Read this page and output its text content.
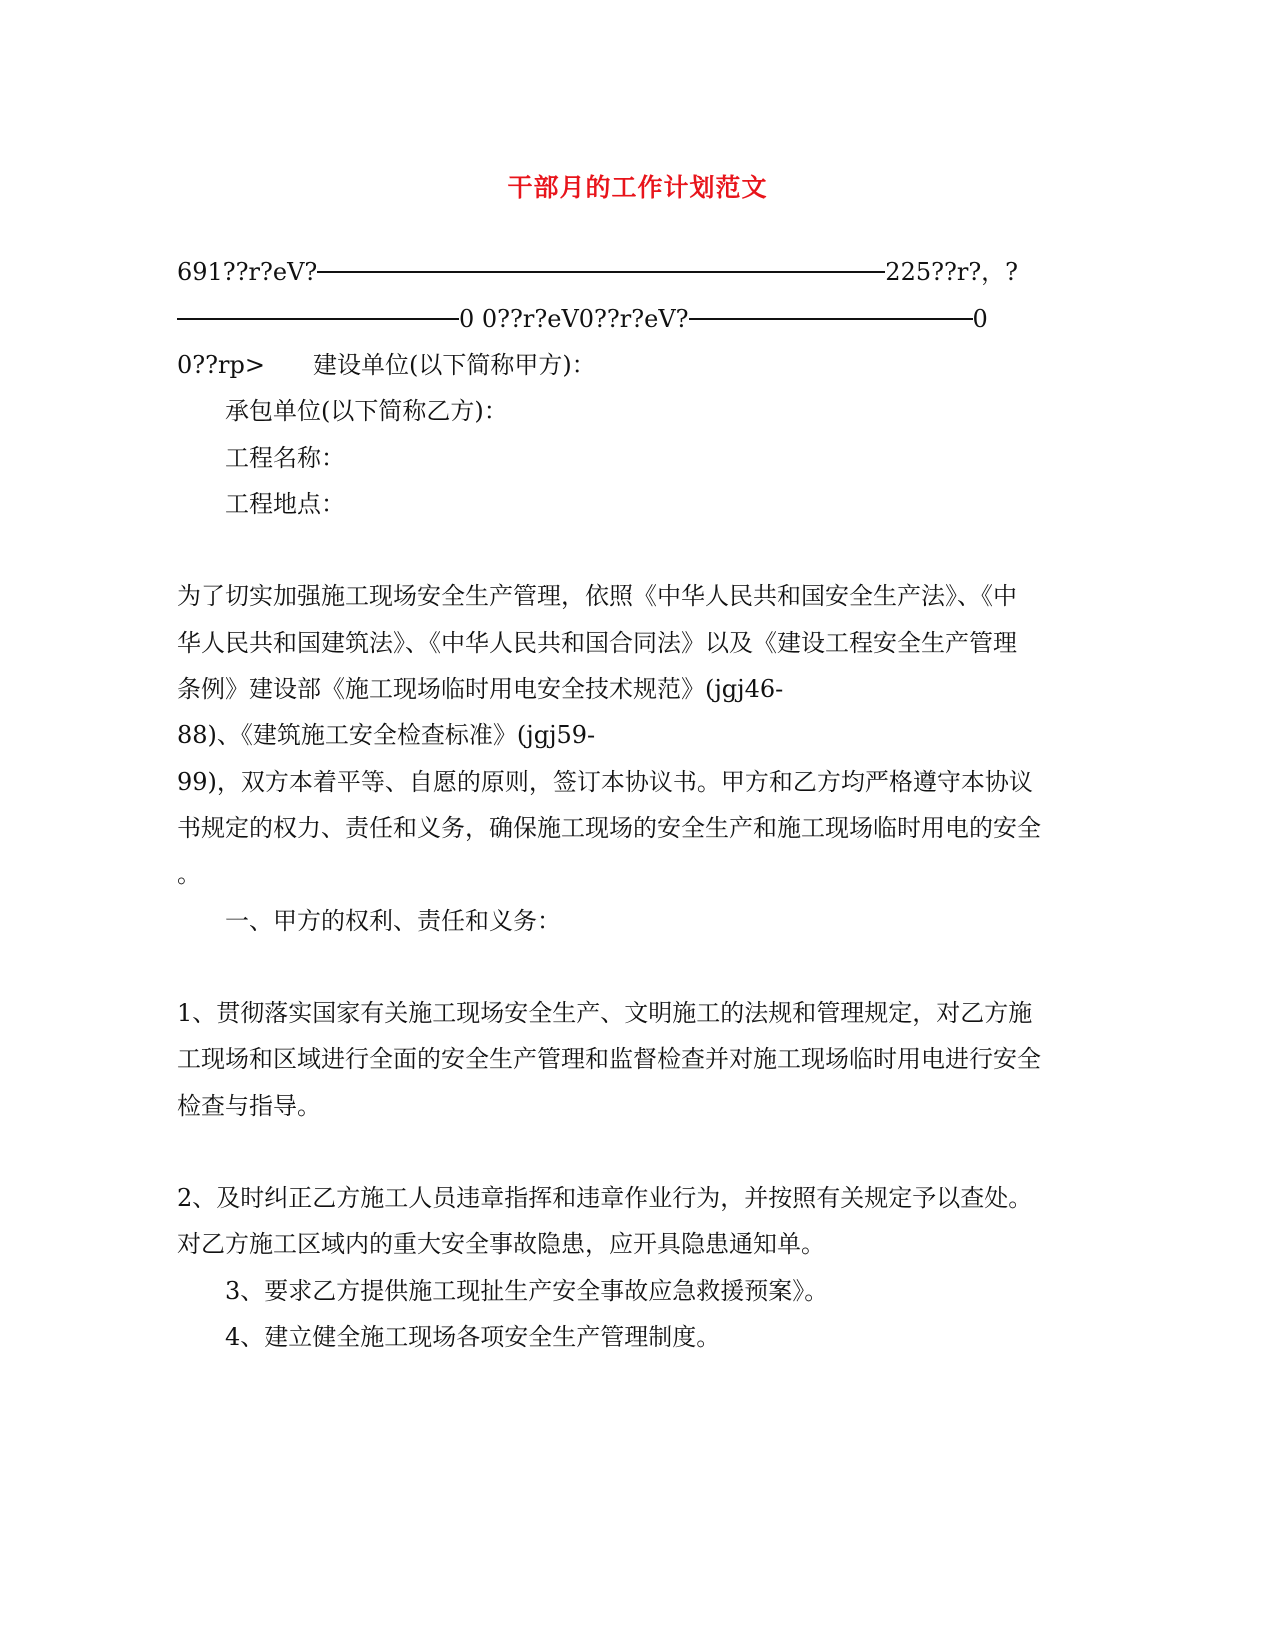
干部月的工作计划范文
691??r?eV?	225??r?，?
0 0??r?eV0??r?eV?	0
0??rp> 建设单位(以下简称甲方)：
承包单位(以下简称乙方)：
工程名称：
工程地点：
为了切实加强施工现场安全生产管理，依照《中华人民共和国安全生产法》、《中
华人民共和国建筑法》、《中华人民共和国合同法》以及《建设工程安全生产管理
条例》建设部《施工现场临时用电安全技术规范》(jgj46-
88)、《建筑施工安全检查标准》(jgj59-
99)，双方本着平等、自愿的原则，签订本协议书。甲方和乙方均严格遵守本协议
书规定的权力、责任和义务，确保施工现场的安全生产和施工现场临时用电的安全
。
一、甲方的权利、责任和义务：
1、贯彻落实国家有关施工现场安全生产、文明施工的法规和管理规定，对乙方施
工现场和区域进行全面的安全生产管理和监督检查并对施工现场临时用电进行安全
检查与指导。
2、及时纠正乙方施工人员违章指挥和违章作业行为，并按照有关规定予以查处。
对乙方施工区域内的重大安全事故隐患，应开具隐患通知单。
3、要求乙方提供施工现扯生产安全事故应急救援预案》。
4、建立健全施工现场各项安全生产管理制度。
